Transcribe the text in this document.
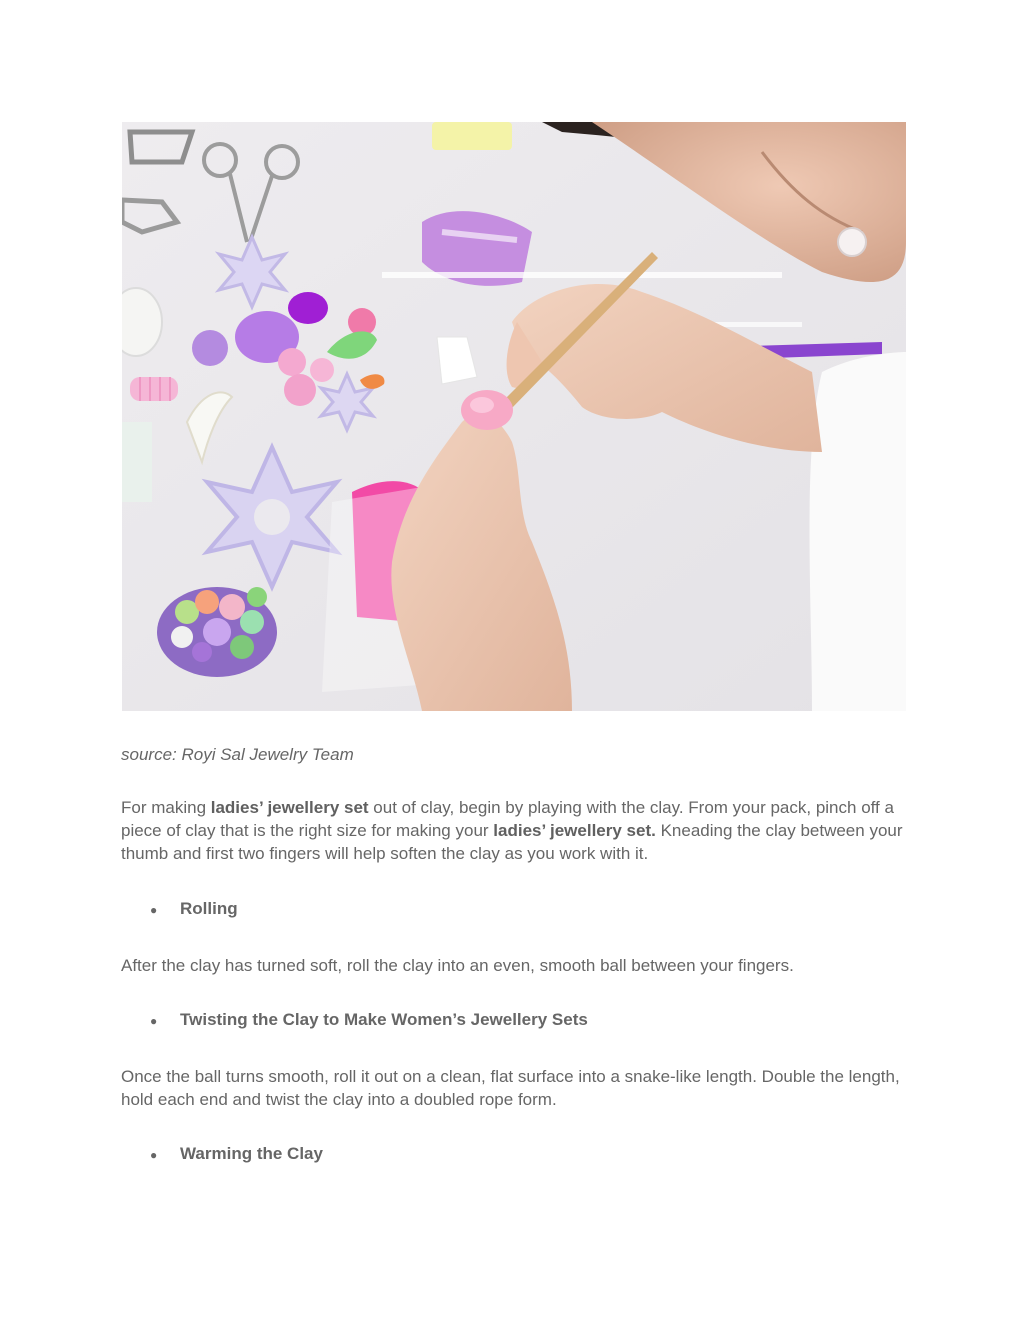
source: Royi Sal Jewelry Team

For making ladies’ jewellery set out of clay, begin by playing with the clay. From your pack, pinch off a piece of clay that is the right size for making your ladies’ jewellery set. Kneading the clay between your thumb and first two fingers will help soften the clay as you work with it.

●	Rolling

After the clay has turned soft, roll the clay into an even, smooth ball between your fingers.

●	Twisting the Clay to Make Women’s Jewellery Sets

Once the ball turns smooth, roll it out on a clean, flat surface into a snake-like length. Double the length, hold each end and twist the clay into a doubled rope form.

●	Warming the Clay
